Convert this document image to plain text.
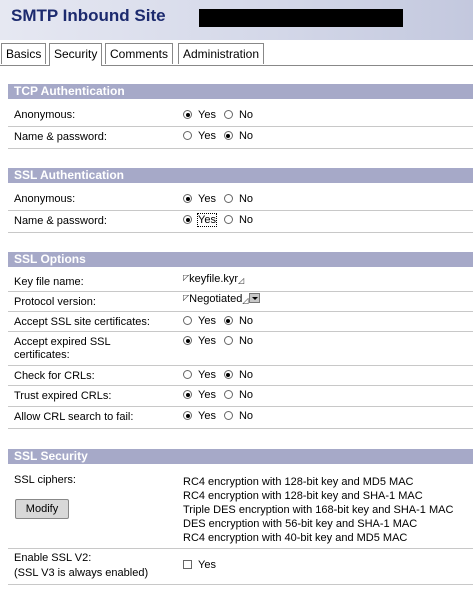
SMTP Inbound Site
Basics	Security	Comments	Administration
TCP Authentication
Anonymous:	Yes No
Name & password:	Yes No
SSL Authentication
Anonymous:	Yes No
Name & password:	Yes No
SSL Options
Key file name:	◸keyfile.kyr◿
Protocol version:	◸Negotiated◿
Accept SSL site certificates:	Yes No
Accept expired SSL certificates:
Yes No
Check for CRLs:	Yes No
Trust expired CRLs:	Yes No
Allow CRL search to fail:	Yes No
SSL Security
SSL ciphers:
Modify
RC4 encryption with 128-bit key and MD5 MAC
RC4 encryption with 128-bit key and SHA-1 MAC
Triple DES encryption with 168-bit key and SHA-1 MAC
DES encryption with 56-bit key and SHA-1 MAC
RC4 encryption with 40-bit key and MD5 MAC
Enable SSL V2:
(SSL V3 is always enabled)
Yes
